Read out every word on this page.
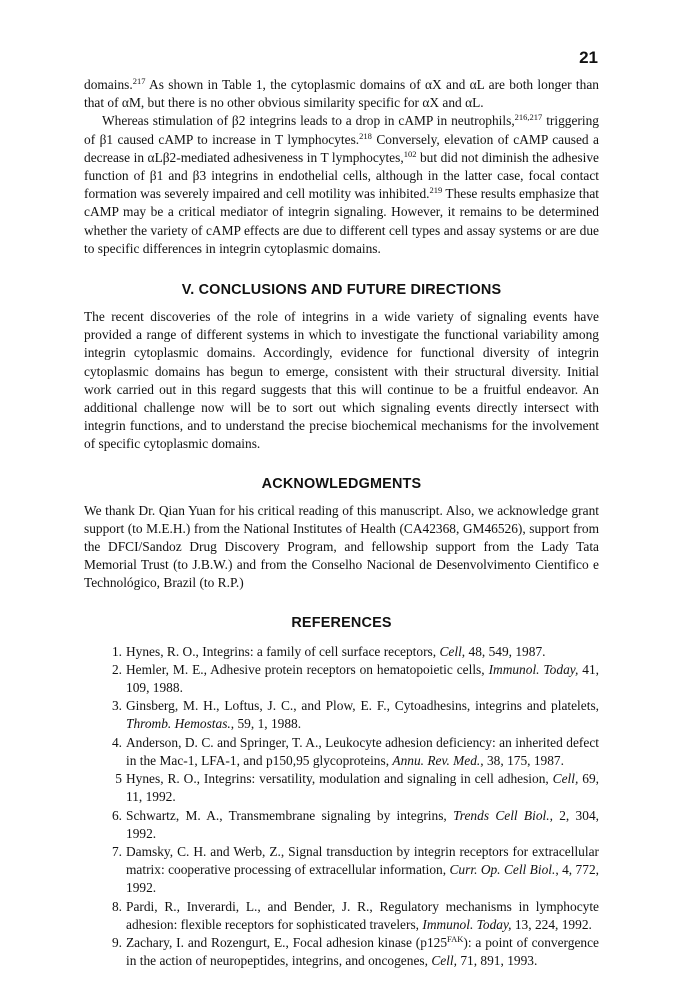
21

domains.$^{217}$ As shown in Table 1, the cytoplasmic domains of αX and αL are both longer than that of αM, but there is no other obvious similarity specific for αX and αL.

Whereas stimulation of β2 integrins leads to a drop in cAMP in neutrophils,$^{216,217}$ triggering of β1 caused cAMP to increase in T lymphocytes.$^{218}$ Conversely, elevation of cAMP caused a decrease in αLβ2-mediated adhesiveness in T lymphocytes,$^{102}$ but did not diminish the adhesive function of β1 and β3 integrins in endothelial cells, although in the latter case, focal contact formation was severely impaired and cell motility was inhibited.$^{219}$ These results emphasize that cAMP may be a critical mediator of integrin signaling. However, it remains to be determined whether the variety of cAMP effects are due to different cell types and assay systems or are due to specific differences in integrin cytoplasmic domains.

V. CONCLUSIONS AND FUTURE DIRECTIONS

The recent discoveries of the role of integrins in a wide variety of signaling events have provided a range of different systems in which to investigate the functional variability among integrin cytoplasmic domains. Accordingly, evidence for functional diversity of integrin cytoplasmic domains has begun to emerge, consistent with their structural diversity. Initial work carried out in this regard suggests that this will continue to be a fruitful endeavor. An additional challenge now will be to sort out which signaling events directly intersect with integrin functions, and to understand the precise biochemical mechanisms for the involvement of specific cytoplasmic domains.

ACKNOWLEDGMENTS

We thank Dr. Qian Yuan for his critical reading of this manuscript. Also, we acknowledge grant support (to M.E.H.) from the National Institutes of Health (CA42368, GM46526), support from the DFCI/Sandoz Drug Discovery Program, and fellowship support from the Lady Tata Memorial Trust (to J.B.W.) and from the Conselho Nacional de Desenvolvimento Cientifico e Technológico, Brazil (to R.P.)

REFERENCES
1. Hynes, R. O., Integrins: a family of cell surface receptors, Cell, 48, 549, 1987.
2. Hemler, M. E., Adhesive protein receptors on hematopoietic cells, Immunol. Today, 41, 109, 1988.
3. Ginsberg, M. H., Loftus, J. C., and Plow, E. F., Cytoadhesins, integrins and platelets, Thromb. Hemostas., 59, 1, 1988.
4. Anderson, D. C. and Springer, T. A., Leukocyte adhesion deficiency: an inherited defect in the Mac-1, LFA-1, and p150,95 glycoproteins, Annu. Rev. Med., 38, 175, 1987.
5 Hynes, R. O., Integrins: versatility, modulation and signaling in cell adhesion, Cell, 69, 11, 1992.
6. Schwartz, M. A., Transmembrane signaling by integrins, Trends Cell Biol., 2, 304, 1992.
7. Damsky, C. H. and Werb, Z., Signal transduction by integrin receptors for extracellular matrix: cooperative processing of extracellular information, Curr. Op. Cell Biol., 4, 772, 1992.
8. Pardi, R., Inverardi, L., and Bender, J. R., Regulatory mechanisms in lymphocyte adhesion: flexible receptors for sophisticated travelers, Immunol. Today, 13, 224, 1992.
9. Zachary, I. and Rozengurt, E., Focal adhesion kinase $(p125^{FAK})$: a point of convergence in the action of neuropeptides, integrins, and oncogenes, Cell, 71, 891, 1993.
